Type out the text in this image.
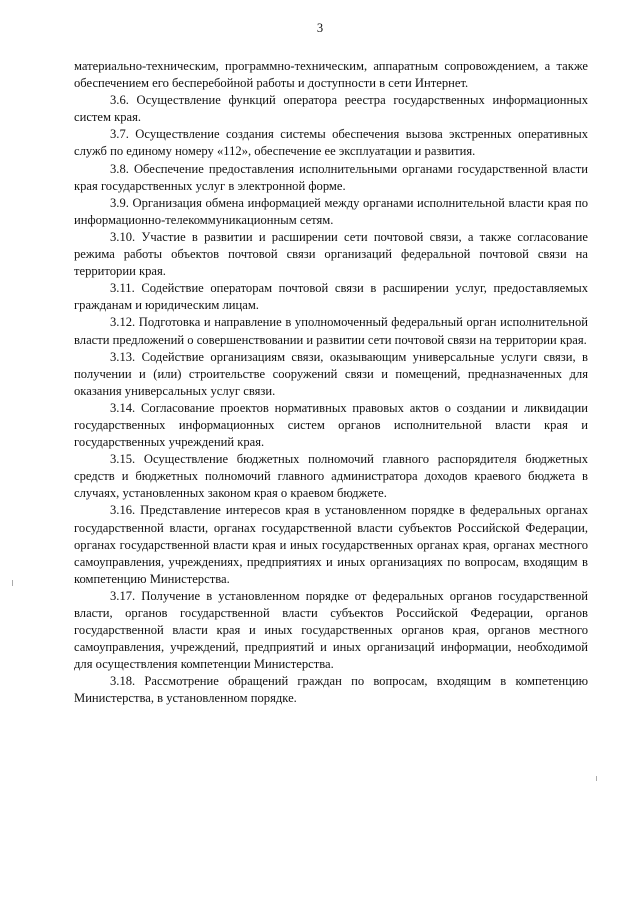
3

материально-техническим, программно-техническим, аппаратным сопровождением, а также обеспечением его бесперебойной работы и доступности в сети Интернет.

3.6. Осуществление функций оператора реестра государственных информационных систем края.

3.7. Осуществление создания системы обеспечения вызова экстренных оперативных служб по единому номеру «112», обеспечение ее эксплуатации и развития.

3.8. Обеспечение предоставления исполнительными органами государственной власти края государственных услуг в электронной форме.

3.9. Организация обмена информацией между органами исполнительной власти края по информационно-телекоммуникационным сетям.

3.10. Участие в развитии и расширении сети почтовой связи, а также согласование режима работы объектов почтовой связи организаций федеральной почтовой связи на территории края.

3.11. Содействие операторам почтовой связи в расширении услуг, предоставляемых гражданам и юридическим лицам.

3.12. Подготовка и направление в уполномоченный федеральный орган исполнительной власти предложений о совершенствовании и развитии сети почтовой связи на территории края.

3.13. Содействие организациям связи, оказывающим универсальные услуги связи, в получении и (или) строительстве сооружений связи и помещений, предназначенных для оказания универсальных услуг связи.

3.14. Согласование проектов нормативных правовых актов о создании и ликвидации государственных информационных систем органов исполнительной власти края и государственных учреждений края.

3.15. Осуществление бюджетных полномочий главного распорядителя бюджетных средств и бюджетных полномочий главного администратора доходов краевого бюджета в случаях, установленных законом края о краевом бюджете.

3.16. Представление интересов края в установленном порядке в федеральных органах государственной власти, органах государственной власти субъектов Российской Федерации, органах государственной власти края и иных государственных органах края, органах местного самоуправления, учреждениях, предприятиях и иных организациях по вопросам, входящим в компетенцию Министерства.

3.17. Получение в установленном порядке от федеральных органов государственной власти, органов государственной власти субъектов Российской Федерации, органов государственной власти края и иных государственных органов края, органов местного самоуправления, учреждений, предприятий и иных организаций информации, необходимой для осуществления компетенции Министерства.

3.18. Рассмотрение обращений граждан по вопросам, входящим в компетенцию Министерства, в установленном порядке.
